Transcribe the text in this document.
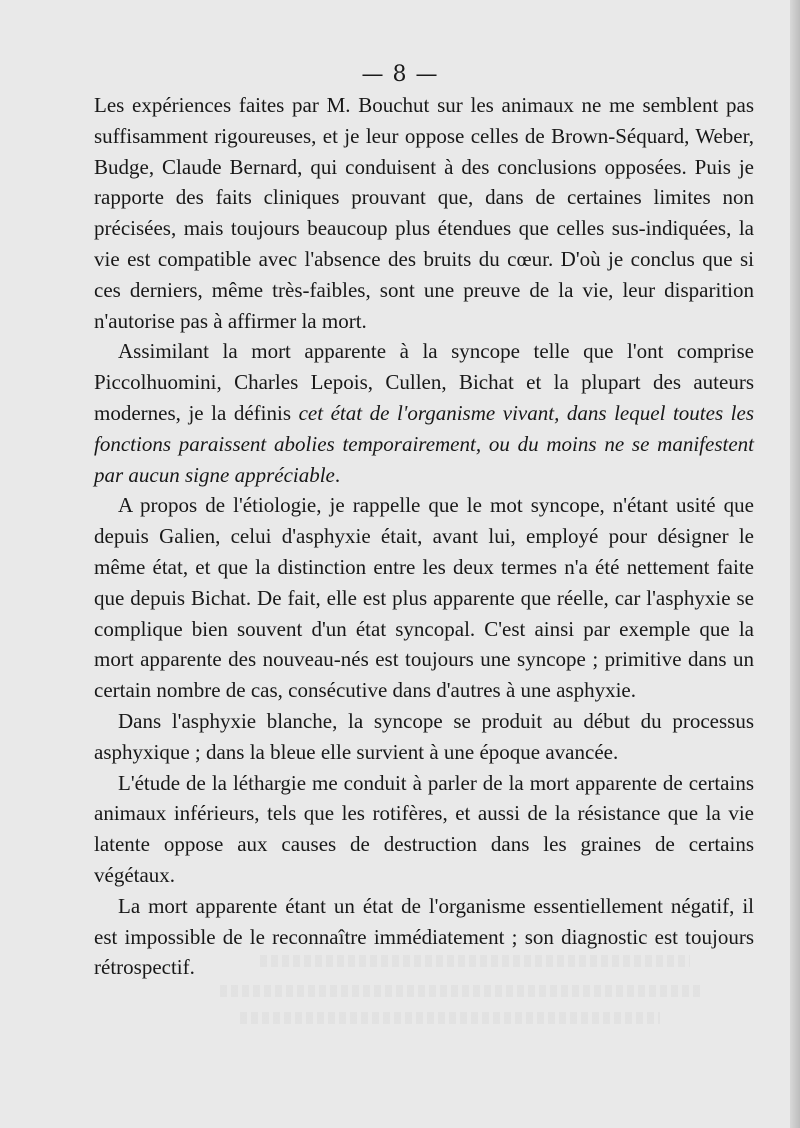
— 8 —

Les expériences faites par M. Bouchut sur les animaux ne me semblent pas suffisamment rigoureuses, et je leur oppose celles de Brown-Séquard, Weber, Budge, Claude Bernard, qui conduisent à des conclusions opposées. Puis je rapporte des faits cliniques prouvant que, dans de certaines limites non précisées, mais toujours beaucoup plus étendues que celles sus-indiquées, la vie est compatible avec l'absence des bruits du cœur. D'où je conclus que si ces derniers, même très-faibles, sont une preuve de la vie, leur disparition n'autorise pas à affirmer la mort.

Assimilant la mort apparente à la syncope telle que l'ont comprise Piccolhuomini, Charles Lepois, Cullen, Bichat et la plupart des auteurs modernes, je la définis cet état de l'organisme vivant, dans lequel toutes les fonctions paraissent abolies temporairement, ou du moins ne se manifestent par aucun signe appréciable.

A propos de l'étiologie, je rappelle que le mot syncope, n'étant usité que depuis Galien, celui d'asphyxie était, avant lui, employé pour désigner le même état, et que la distinction entre les deux termes n'a été nettement faite que depuis Bichat. De fait, elle est plus apparente que réelle, car l'asphyxie se complique bien souvent d'un état syncopal. C'est ainsi par exemple que la mort apparente des nouveau-nés est toujours une syncope ; primitive dans un certain nombre de cas, consécutive dans d'autres à une asphyxie.

Dans l'asphyxie blanche, la syncope se produit au début du processus asphyxique ; dans la bleue elle survient à une époque avancée.

L'étude de la léthargie me conduit à parler de la mort apparente de certains animaux inférieurs, tels que les rotifères, et aussi de la résistance que la vie latente oppose aux causes de destruction dans les graines de certains végétaux.

La mort apparente étant un état de l'organisme essentiellement négatif, il est impossible de le reconnaître immédiatement ; son diagnostic est toujours rétrospectif.
